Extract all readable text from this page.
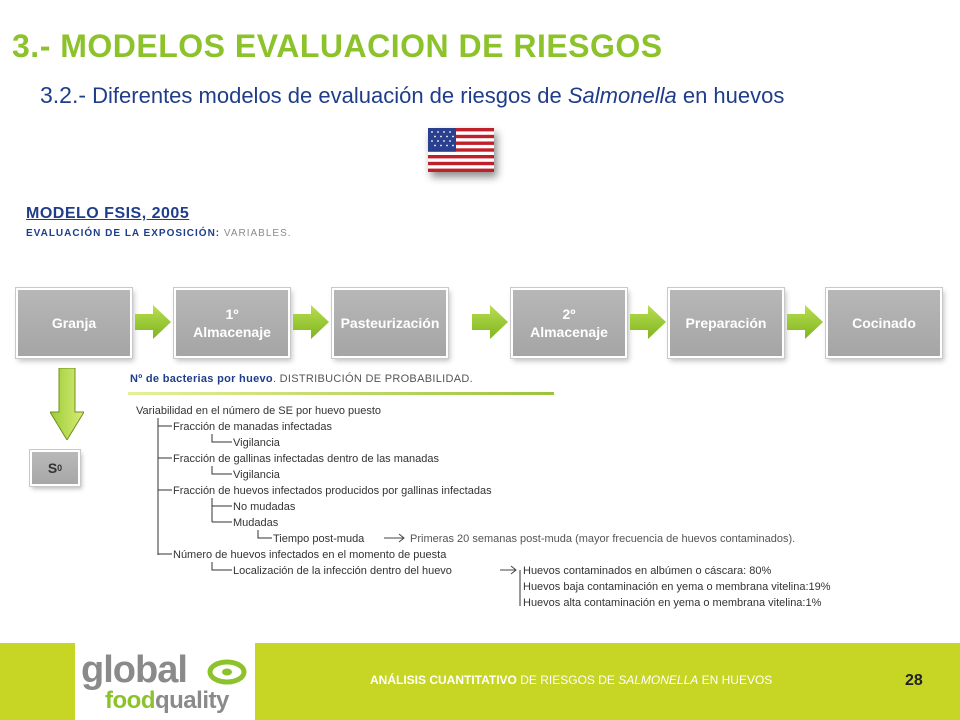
3.- MODELOS EVALUACION DE RIESGOS
3.2.- Diferentes modelos de evaluación de riesgos de Salmonella en huevos
MODELO FSIS, 2005
EVALUACIÓN DE LA EXPOSICIÓN: VARIABLES.
Granja
1º
Almacenaje
Pasteurización
2º
Almacenaje
Preparación	Cocinado
S 0
Nº de bacterias por huevo. DISTRIBUCIÓN DE PROBABILIDAD.
Variabilidad en el número de SE por huevo puesto
Fracción de manadas infectadas
Vigilancia
Fracción de gallinas infectadas dentro de las manadas
Vigilancia
Fracción de huevos infectados producidos por gallinas infectadas
No mudadas
Mudadas
Tiempo post-muda	Primeras 20 semanas post-muda (mayor frecuencia de huevos contaminados).
Número de huevos infectados en el momento de puesta
Localización de la infección dentro del huevo	Huevos contaminados en albúmen o cáscara: 80%
Huevos baja contaminación en yema o membrana vitelina:19%
Huevos alta contaminación en yema o membrana vitelina:1%
global
foodquality
ANÁLISIS CUANTITATIVO DE RIESGOS DE SALMONELLA EN HUEVOS	28
